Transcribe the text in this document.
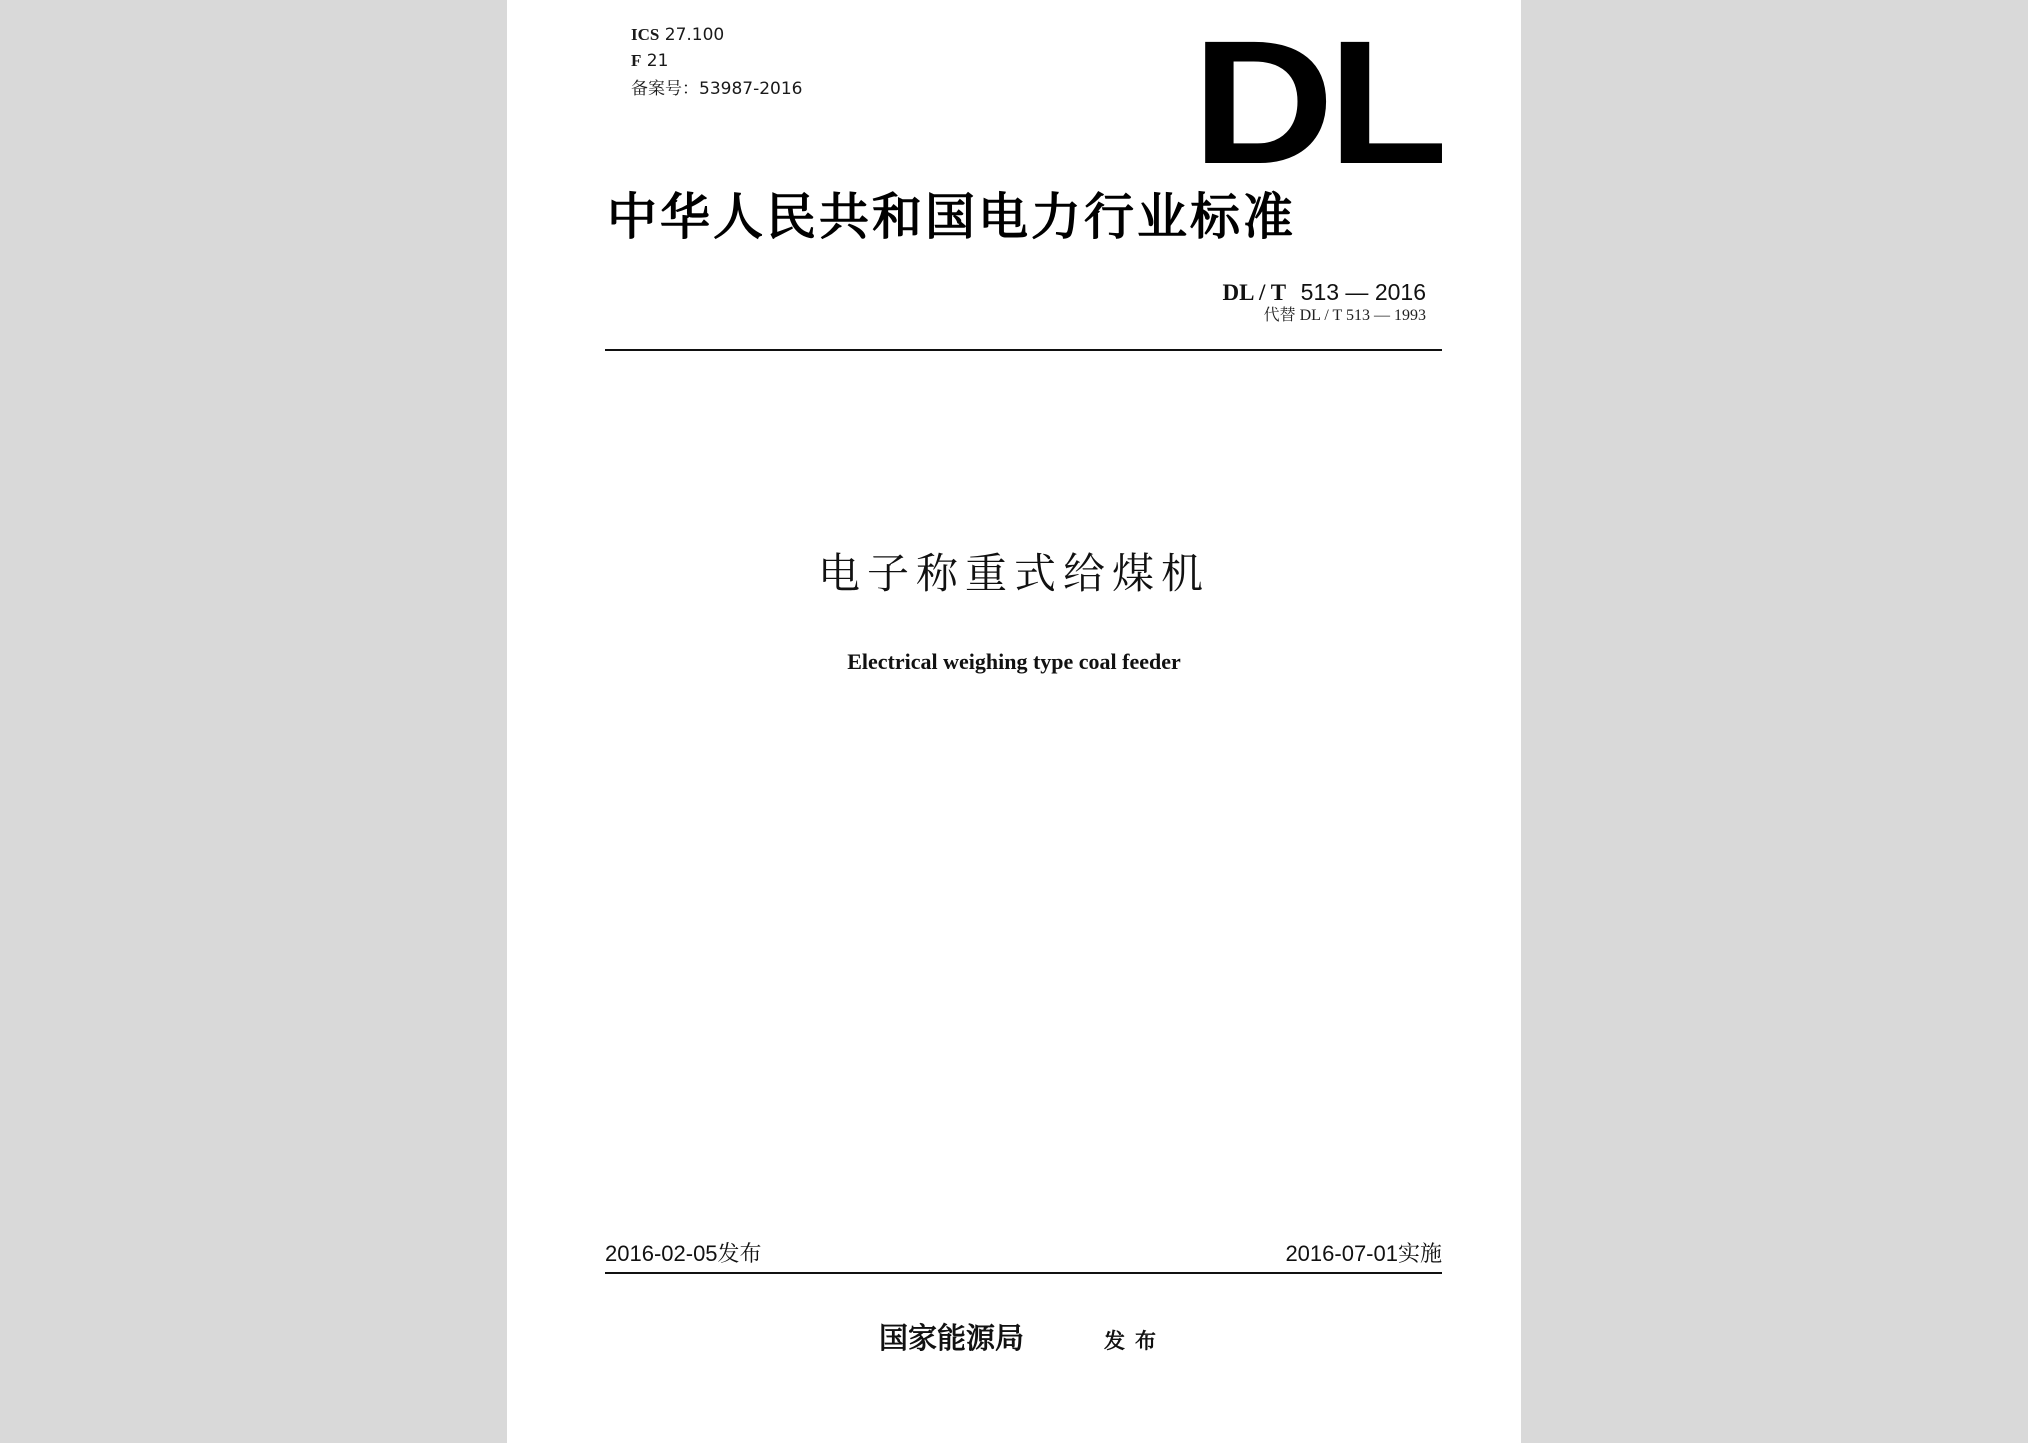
ICS 27.100
F 21
备案号：53987-2016 DL
中华人民共和国电力行业标准
DL / T 513 — 2016
代替 DL / T 513 — 1993
电子称重式给煤机
Electrical weighing type coal feeder
2016-02-05发布	2016-07-01实施
国家能源局	发布
